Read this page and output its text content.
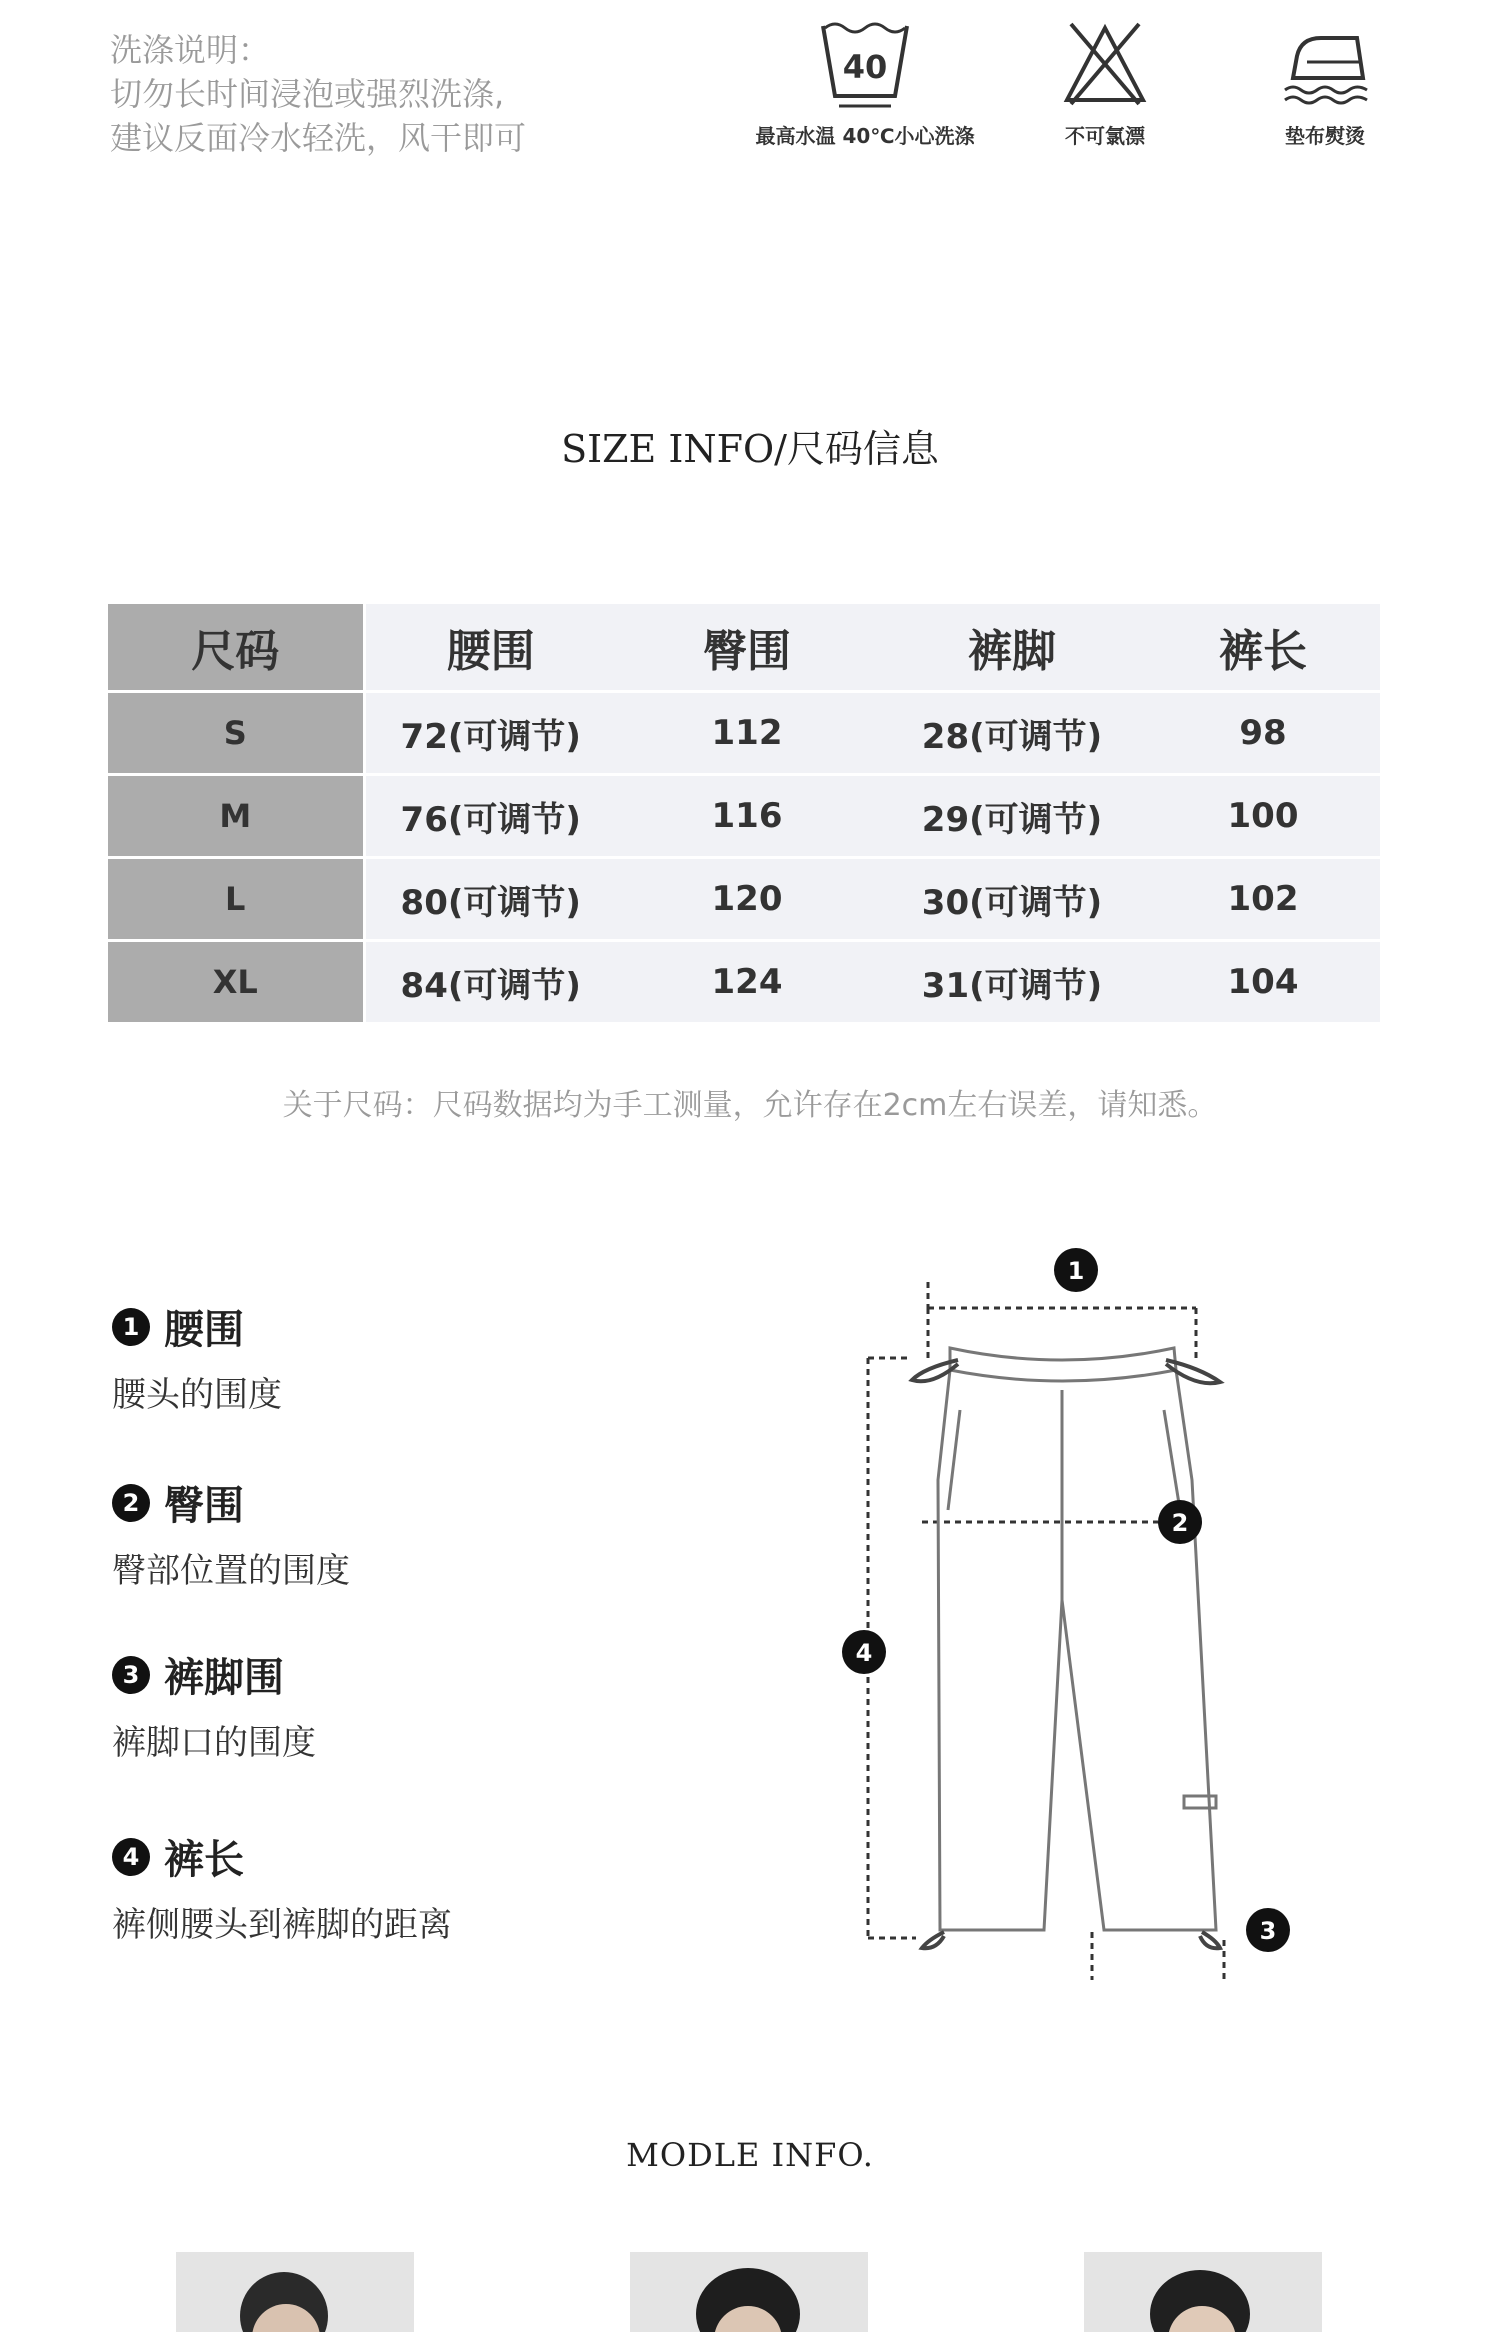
洗涤说明：
切勿长时间浸泡或强烈洗涤,
建议反面冷水轻洗，风干即可
40
最高水温 40℃小心洗涤	不可氯漂	垫布熨烫
SIZE INFO/尺码信息
尺码	腰围	臀围	裤脚	裤长
S	72(可调节)	112	28(可调节)	98
M	76(可调节)	116	29(可调节)	100
L	80(可调节)	120	30(可调节)	102
XL	84(可调节)	124	31(可调节)	104
关于尺码：尺码数据均为手工测量，允许存在2cm左右误差，请知悉。
1 腰围
腰头的围度
2 臀围
臀部位置的围度
3 裤脚围
裤脚口的围度
4 裤长
裤侧腰头到裤脚的距离
1
2
3
4
MODLE INFO.
